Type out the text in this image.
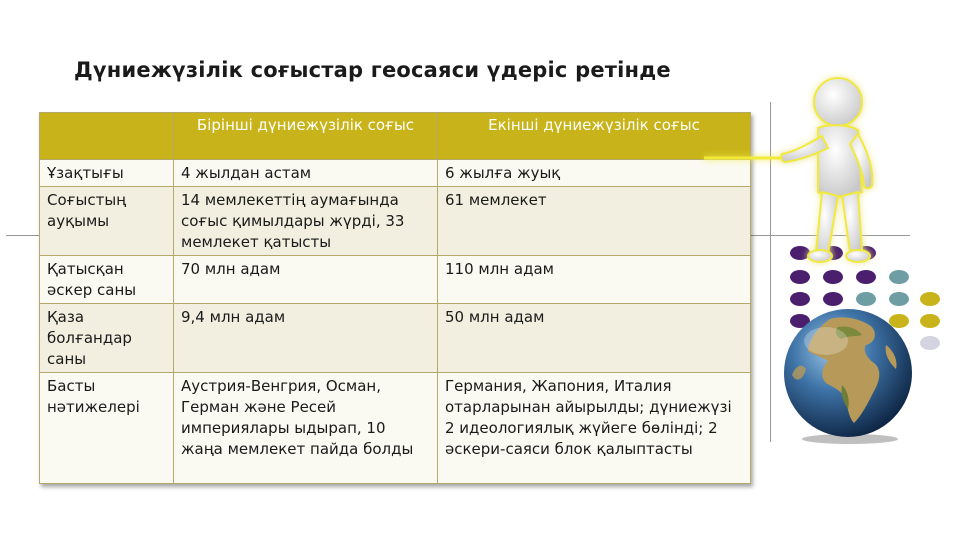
Дүниежүзілік соғыстар геосаяси үдеріс ретінде
	Бірінші дүниежүзілік соғыс	Екінші дүниежүзілік соғыс
Ұзақтығы	4 жылдан астам	6 жылға жуық
Соғыстың ауқымы	14 мемлекеттің аумағында соғыс қимылдары жүрді, 33 мемлекет қатысты	61 мемлекет
Қатысқан әскер саны	70 млн адам	110 млн адам
Қаза болғандар саны	9,4 млн адам	50 млн адам
Басты нәтижелері	Аустрия-Венгрия, Осман, Герман және Ресей империялары ыдырап, 10 жаңа мемлекет пайда болды	Германия, Жапония, Италия отарларынан айырылды; дүниежүзі 2 идеологиялық жүйеге бөлінді; 2 әскери-саяси блок қалыптасты
